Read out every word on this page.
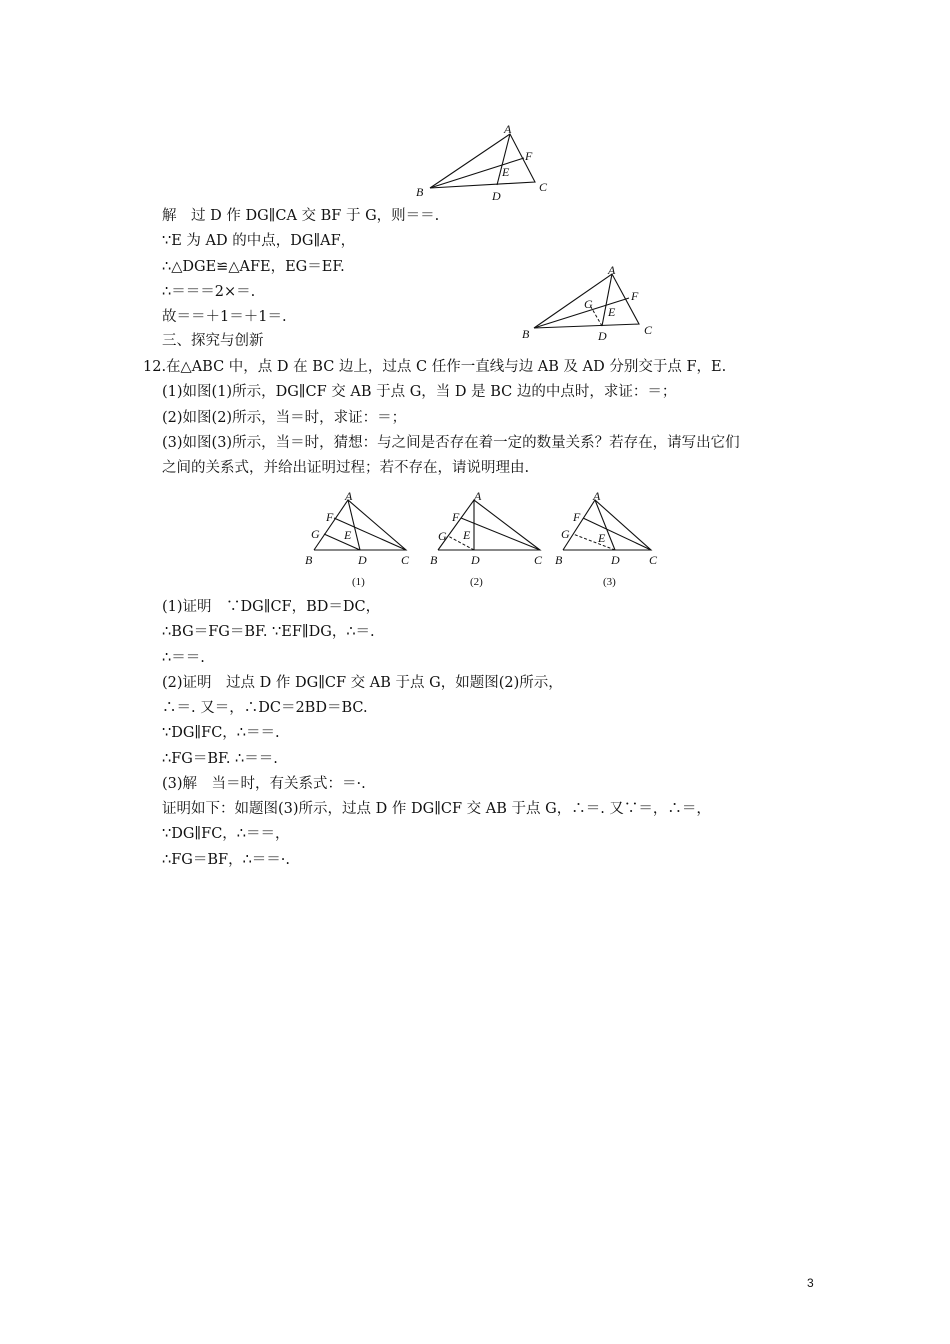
A
B	C
D
E
F
解　过 D 作 DG∥CA 交 BF 于 G，则＝＝.
∵E 为 AD 的中点，DG∥AF，
∴△DGE≌△AFE，EG＝EF.	A
B	C
D
E
F
G
∴＝＝＝2×＝.
故＝＝＋1＝＋1＝.
三、探究与创新
12.在△ABC 中，点 D 在 BC 边上，过点 C 任作一直线与边 AB 及 AD 分别交于点 F，E.
(1)如图(1)所示，DG∥CF 交 AB 于点 G，当 D 是 BC 边的中点时，求证：＝；
(2)如图(2)所示，当＝时，求证：＝；
(3)如图(3)所示，当＝时，猜想：与之间是否存在着一定的数量关系？若存在，请写出它们
之间的关系式，并给出证明过程；若不存在，请说明理由.
A
B	C
D
E
F
G
(1)
A
B	C
D
E
F
G
(2)
A
B	C
D
E
F
G
(3)
(1)证明　∵DG∥CF，BD＝DC，
∴BG＝FG＝BF. ∵EF∥DG，∴＝.
∴＝＝.
(2)证明　过点 D 作 DG∥CF 交 AB 于点 G，如题图(2)所示，
∴＝. 又＝，∴DC＝2BD＝BC.
∵DG∥FC，∴＝＝.
∴FG＝BF. ∴＝＝.
(3)解　当＝时，有关系式：＝·.
证明如下：如题图(3)所示，过点 D 作 DG∥CF 交 AB 于点 G，∴＝. 又∵＝，∴＝，
∵DG∥FC，∴＝＝，
∴FG＝BF，∴＝＝·.
3
